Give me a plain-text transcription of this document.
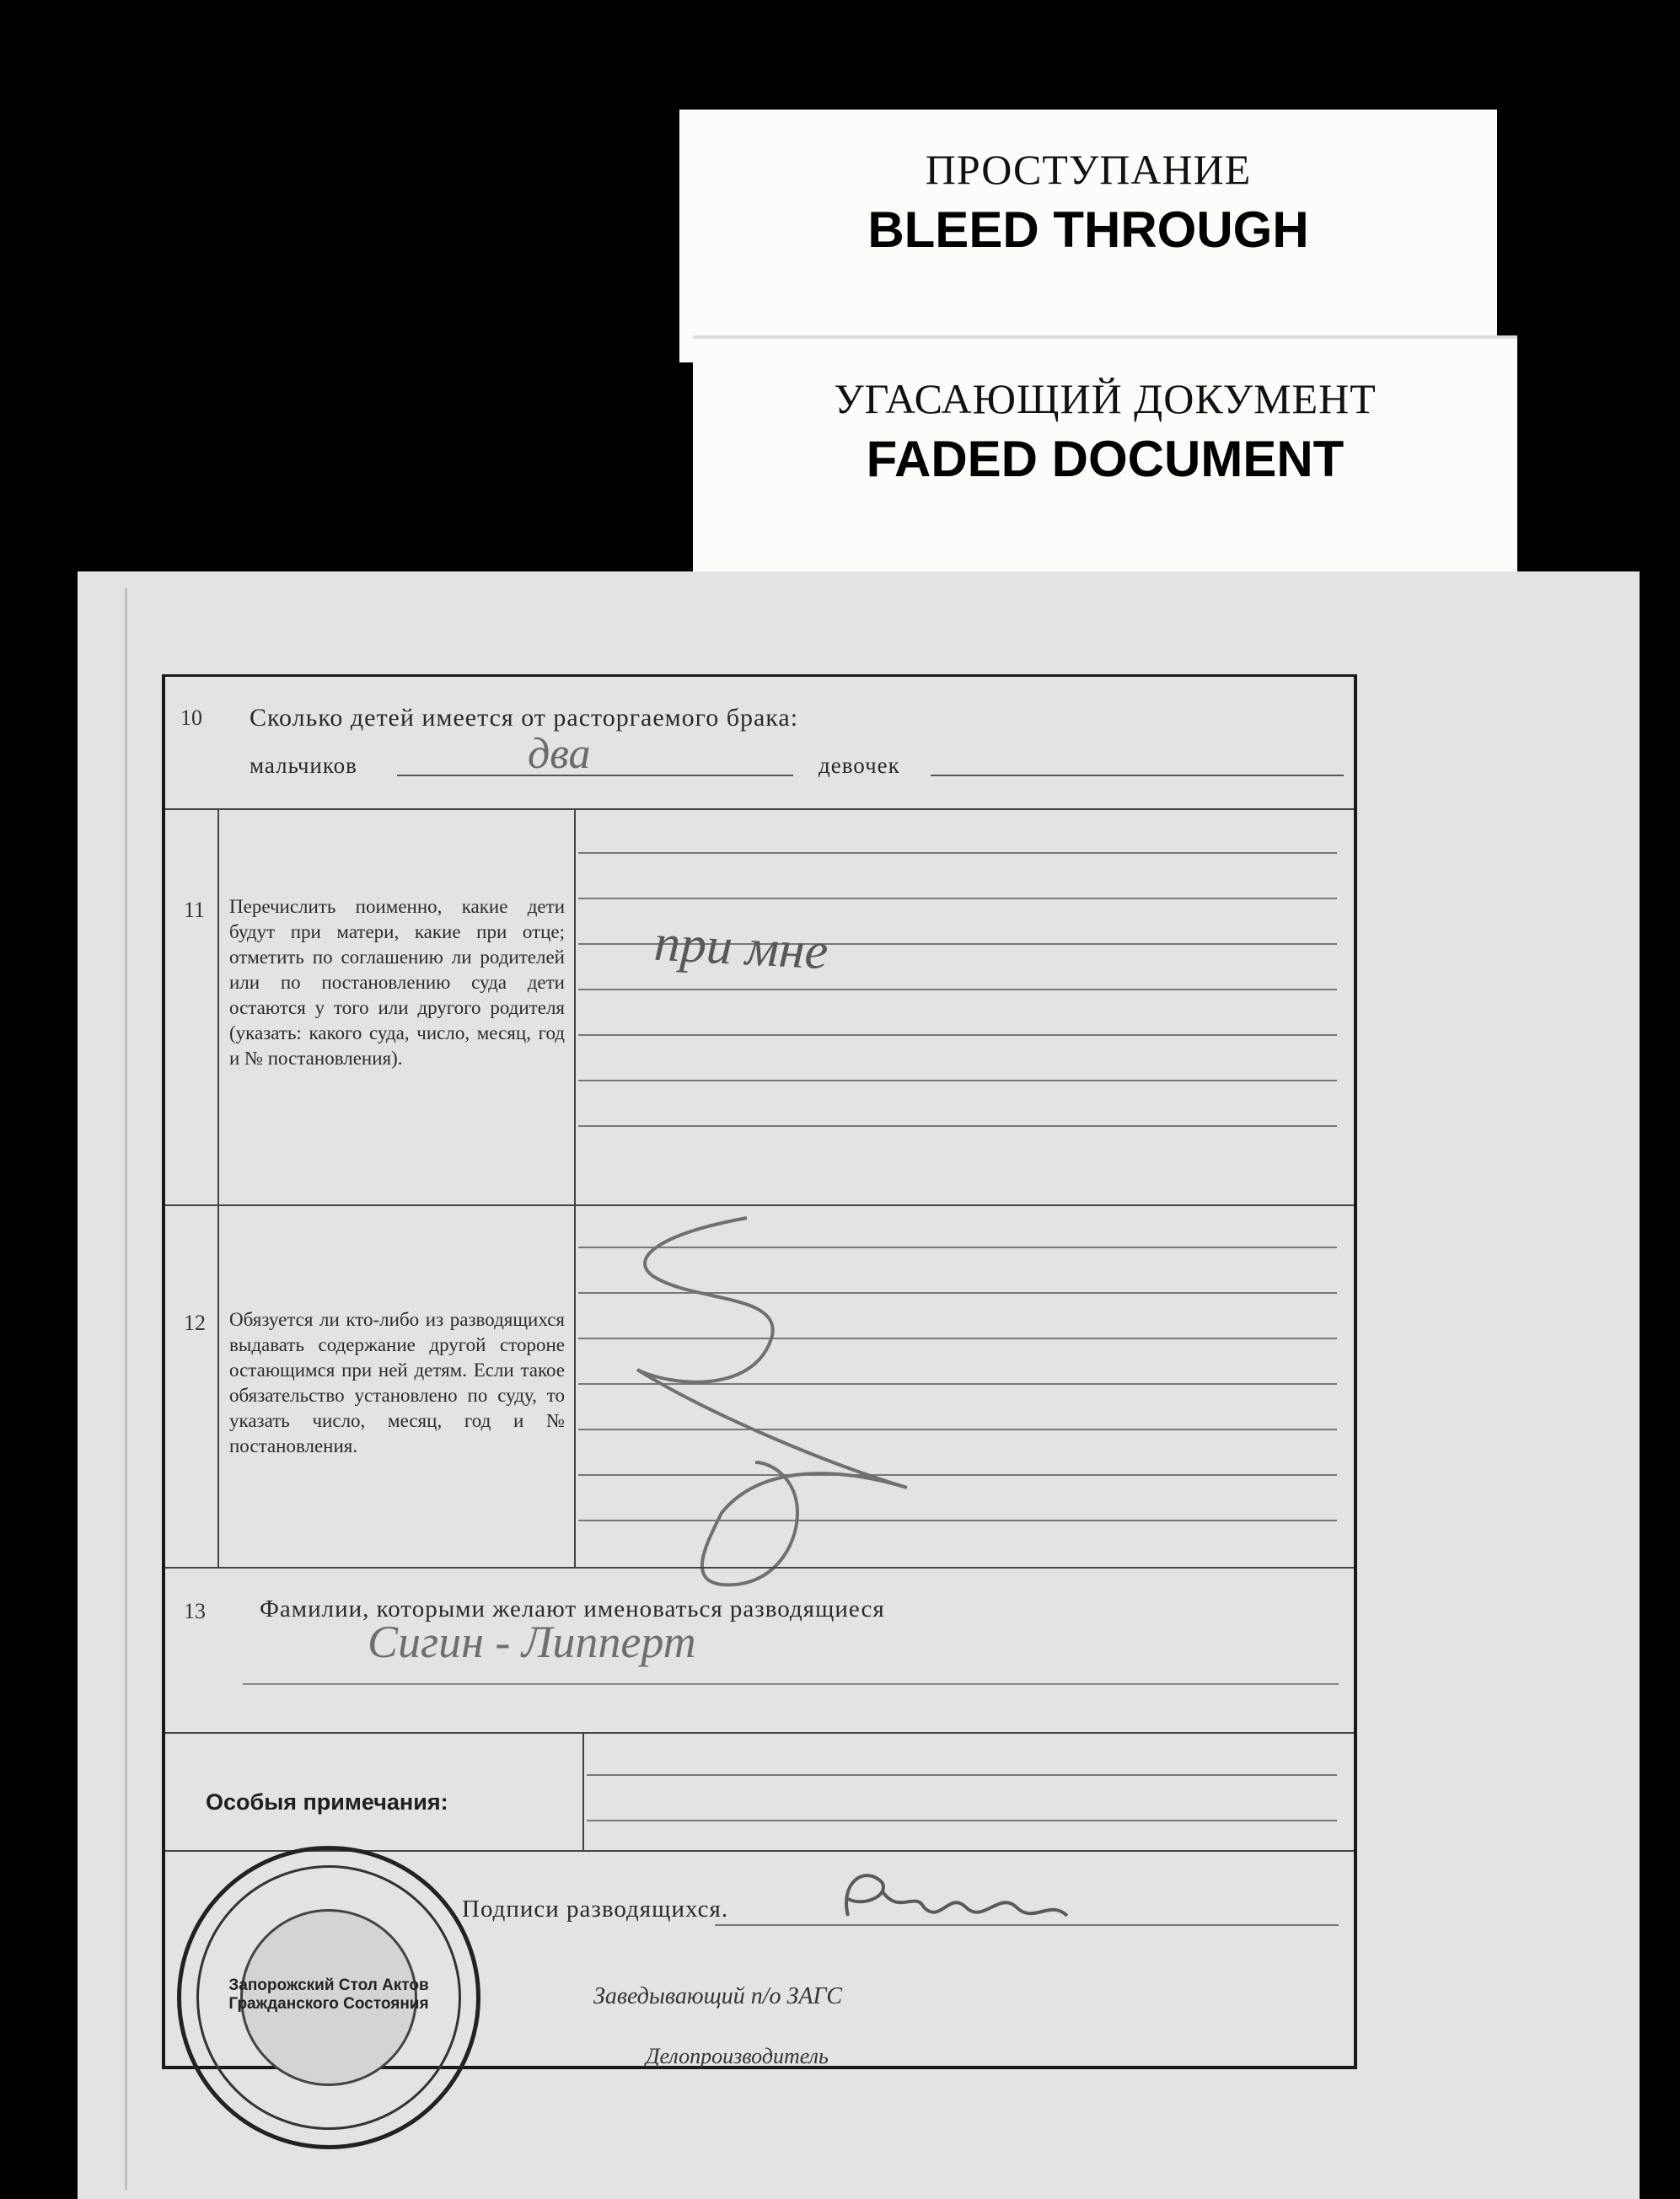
ПРОСТУПАНИЕ
BLEED THROUGH
УГАСАЮЩИЙ ДОКУМЕНТ
FADED DOCUMENT
10 Сколько детей имеется от расторгаемого брака:
мальчиков	два	девочек
11 Перечислить поименно, какие дети будут при матери, какие при отце; отметить по соглашению ли родителей или по постановлению суда дети остаются у того или другого родителя (указать: какого суда, число, месяц, год и № постановления).
при мне
12 Обязуется ли кто-либо из разводящихся выдавать содержание другой стороне остающимся при ней детям. Если такое обязательство установлено по суду, то указать число, месяц, год и № постановления.
13 Фамилии, которыми желают именоваться разводящиеся
Сигин - Липперт
Особыя примечания:
Подписи разводящихся.
Заведывающий п/о ЗАГС
Делопроизводитель
Запорожский Стол Актов Гражданского Состояния
